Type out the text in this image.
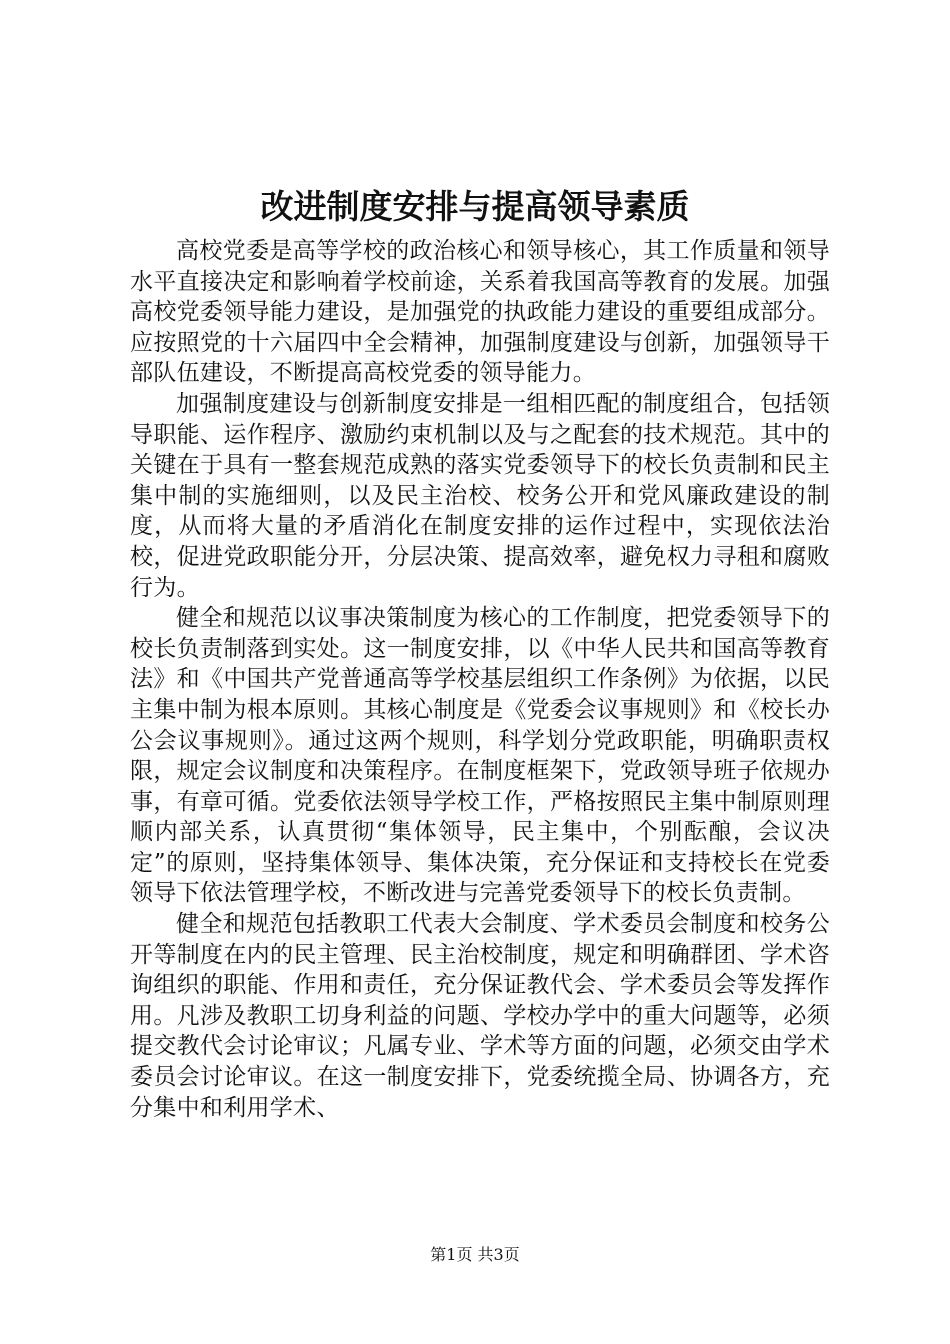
改进制度安排与提高领导素质

高校党委是高等学校的政治核心和领导核心，其工作质量和领导水平直接决定和影响着学校前途，关系着我国高等教育的发展。加强高校党委领导能力建设，是加强党的执政能力建设的重要组成部分。应按照党的十六届四中全会精神，加强制度建设与创新，加强领导干部队伍建设，不断提高高校党委的领导能力。

加强制度建设与创新制度安排是一组相匹配的制度组合，包括领导职能、运作程序、激励约束机制以及与之配套的技术规范。其中的关键在于具有一整套规范成熟的落实党委领导下的校长负责制和民主集中制的实施细则，以及民主治校、校务公开和党风廉政建设的制度，从而将大量的矛盾消化在制度安排的运作过程中，实现依法治校，促进党政职能分开，分层决策、提高效率，避免权力寻租和腐败行为。

健全和规范以议事决策制度为核心的工作制度，把党委领导下的校长负责制落到实处。这一制度安排，以《中华人民共和国高等教育法》和《中国共产党普通高等学校基层组织工作条例》为依据，以民主集中制为根本原则。其核心制度是《党委会议事规则》和《校长办公会议事规则》。通过这两个规则，科学划分党政职能，明确职责权限，规定会议制度和决策程序。在制度框架下，党政领导班子依规办事，有章可循。党委依法领导学校工作，严格按照民主集中制原则理顺内部关系，认真贯彻“集体领导，民主集中，个别酝酿，会议决定”的原则，坚持集体领导、集体决策，充分保证和支持校长在党委领导下依法管理学校，不断改进与完善党委领导下的校长负责制。

健全和规范包括教职工代表大会制度、学术委员会制度和校务公开等制度在内的民主管理、民主治校制度，规定和明确群团、学术咨询组织的职能、作用和责任，充分保证教代会、学术委员会等发挥作用。凡涉及教职工切身利益的问题、学校办学中的重大问题等，必须提交教代会讨论审议；凡属专业、学术等方面的问题，必须交由学术委员会讨论审议。在这一制度安排下，党委统揽全局、协调各方，充分集中和利用学术、

第1页 共3页
